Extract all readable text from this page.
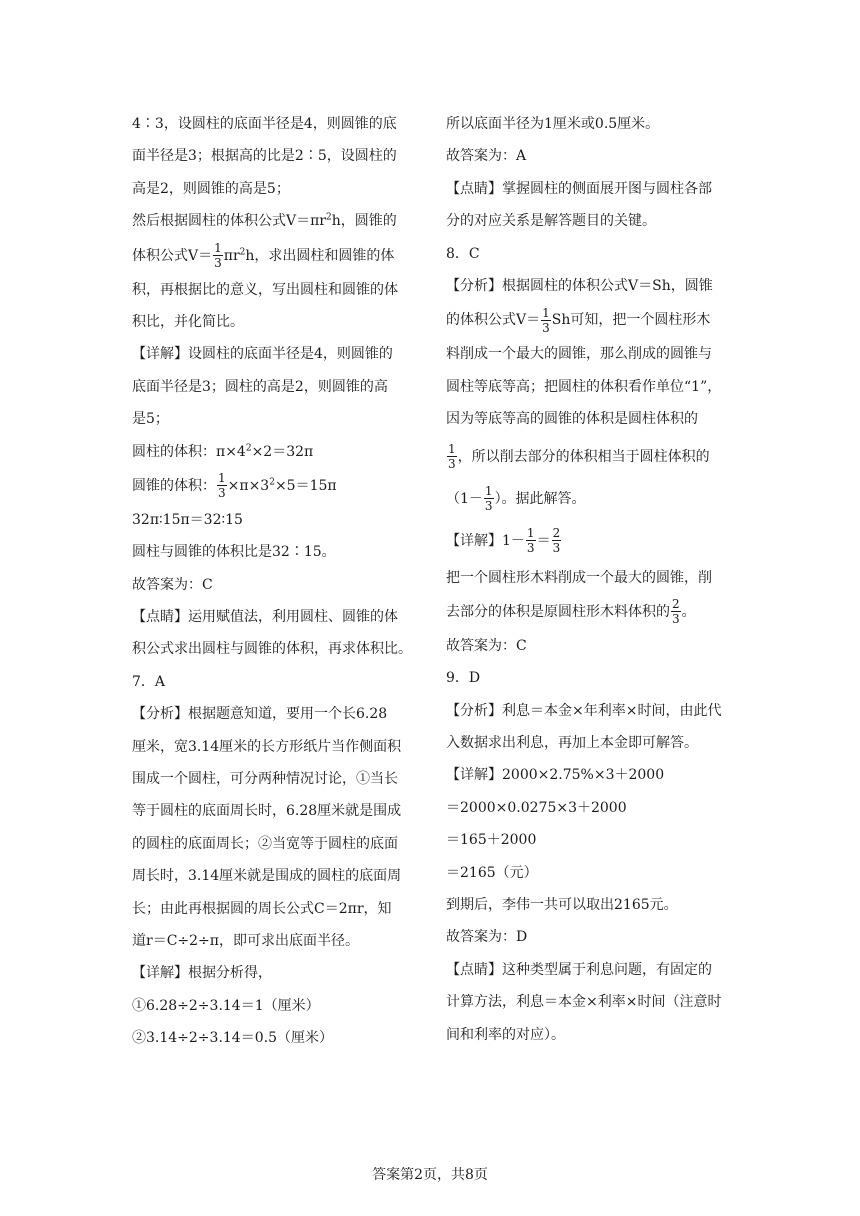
4∶3，设圆柱的底面半径是4，则圆锥的底
面半径是3；根据高的比是2∶5，设圆柱的
高是2，则圆锥的高是5；
然后根据圆柱的体积公式$V=\pi r^2h$，圆锥的
体积公式$V= \frac{1}{3} \pi r^2h$，求出圆柱和圆锥的体
积，再根据比的意义，写出圆柱和圆锥的体
积比，并化简比。
【详解】设圆柱的底面半径是4，则圆锥的
底面半径是3；圆柱的高是2，则圆锥的高
是5；
圆柱的体积：$\pi\times 4^2\times 2=32\pi$
圆锥的体积： $\frac{1}{3} \times\pi\times 3^2\times 5=15\pi$
32π∶15π＝32∶15
圆柱与圆锥的体积比是32∶15。
故答案为：C
【点睛】运用赋值法，利用圆柱、圆锥的体
积公式求出圆柱与圆锥的体积，再求体积比。
7．A
【分析】根据题意知道，要用一个长6.28
厘米，宽3.14厘米的长方形纸片当作侧面积
围成一个圆柱，可分两种情况讨论，①当长
等于圆柱的底面周长时，6.28厘米就是围成
的圆柱的底面周长；②当宽等于圆柱的底面
周长时，3.14厘米就是围成的圆柱的底面周
长；由此再根据圆的周长公式C＝2πr，知
道r＝C÷2÷π，即可求出底面半径。
【详解】根据分析得，
①6.28÷2÷3.14＝1（厘米）
②3.14÷2÷3.14＝0.5（厘米）
所以底面半径为1厘米或0.5厘米。
故答案为：A
【点睛】掌握圆柱的侧面展开图与圆柱各部
分的对应关系是解答题目的关键。
8．C
【分析】根据圆柱的体积公式V＝Sh，圆锥
的体积公式$V= \frac{1}{3}$ Sh可知，把一个圆柱形木
料削成一个最大的圆锥，那么削成的圆锥与
圆柱等底等高；把圆柱的体积看作单位“1”，
因为等底等高的圆锥的体积是圆柱体积的
$\frac{1}{3}$ ，所以削去部分的体积相当于圆柱体积的
（$1- \frac{1}{3}$ ）。据此解答。
【详解】$1- \frac{1}{3} = \frac{2}{3}$
把一个圆柱形木料削成一个最大的圆锥，削
去部分的体积是原圆柱形木料体积的 $\frac{2}{3}$ 。
故答案为：C
9．D
【分析】利息＝本金×年利率×时间，由此代
入数据求出利息，再加上本金即可解答。
【详解】2000×2.75%×3＋2000
＝2000×0.0275×3＋2000
＝165＋2000
＝2165（元）
到期后，李伟一共可以取出2165元。
故答案为：D
【点睛】这种类型属于利息问题，有固定的
计算方法，利息＝本金×利率×时间（注意时
间和利率的对应）。
答案第2页，共8页
